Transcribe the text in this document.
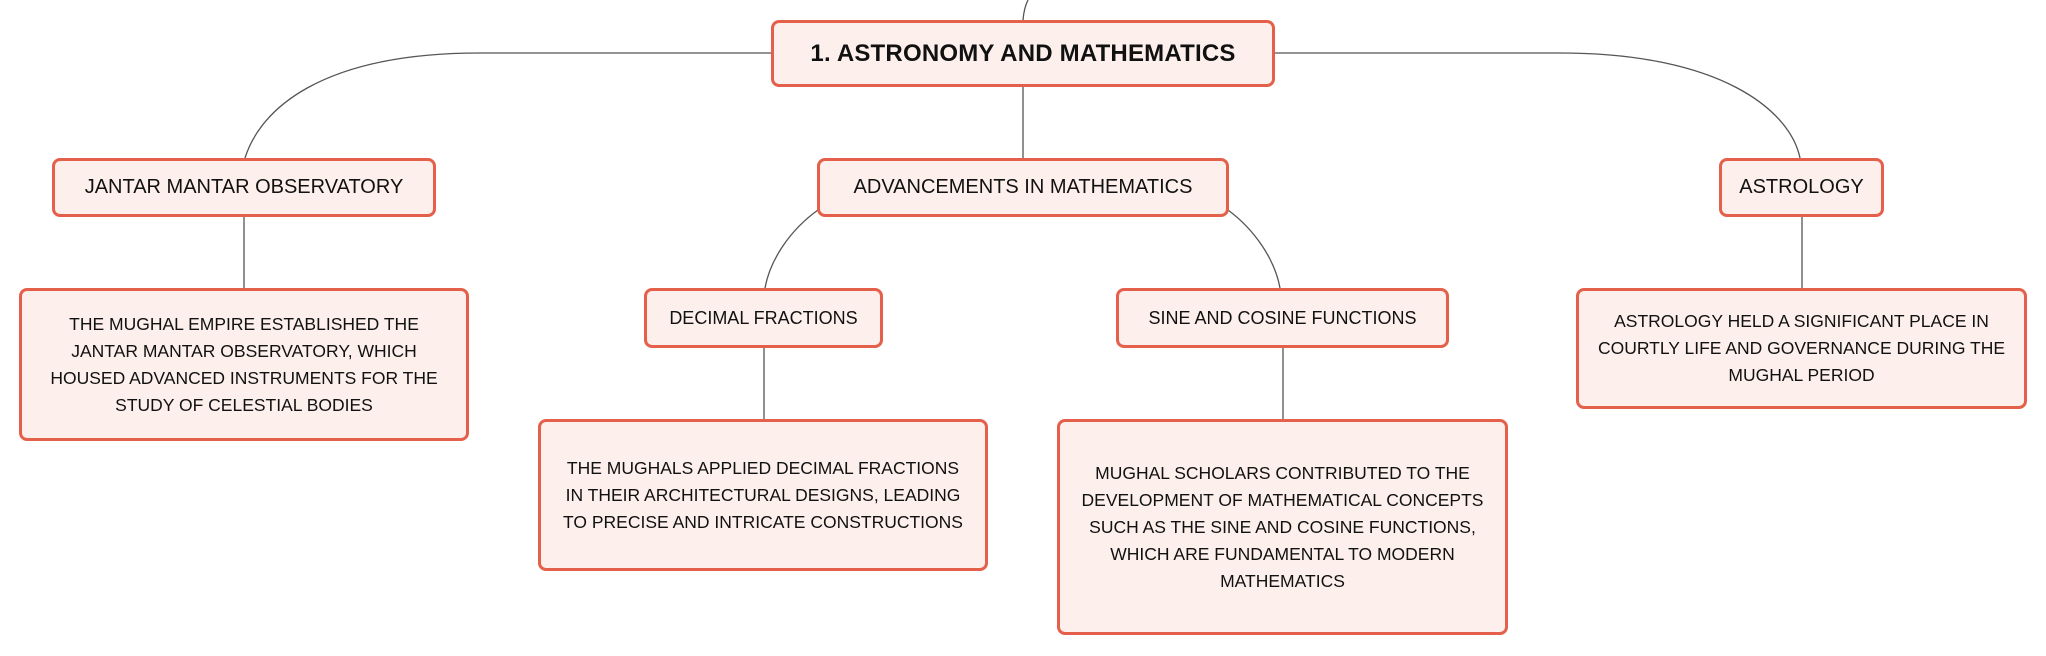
1. ASTRONOMY AND MATHEMATICS
JANTAR MANTAR OBSERVATORY	ADVANCEMENTS IN MATHEMATICS	ASTROLOGY
DECIMAL FRACTIONS	SINE AND COSINE FUNCTIONS
THE MUGHAL EMPIRE ESTABLISHED THE JANTAR MANTAR OBSERVATORY, WHICH HOUSED ADVANCED INSTRUMENTS FOR THE STUDY OF CELESTIAL BODIES
THE MUGHALS APPLIED DECIMAL FRACTIONS IN THEIR ARCHITECTURAL DESIGNS, LEADING TO PRECISE AND INTRICATE CONSTRUCTIONS
MUGHAL SCHOLARS CONTRIBUTED TO THE DEVELOPMENT OF MATHEMATICAL CONCEPTS SUCH AS THE SINE AND COSINE FUNCTIONS, WHICH ARE FUNDAMENTAL TO MODERN MATHEMATICS
ASTROLOGY HELD A SIGNIFICANT PLACE IN COURTLY LIFE AND GOVERNANCE DURING THE MUGHAL PERIOD
